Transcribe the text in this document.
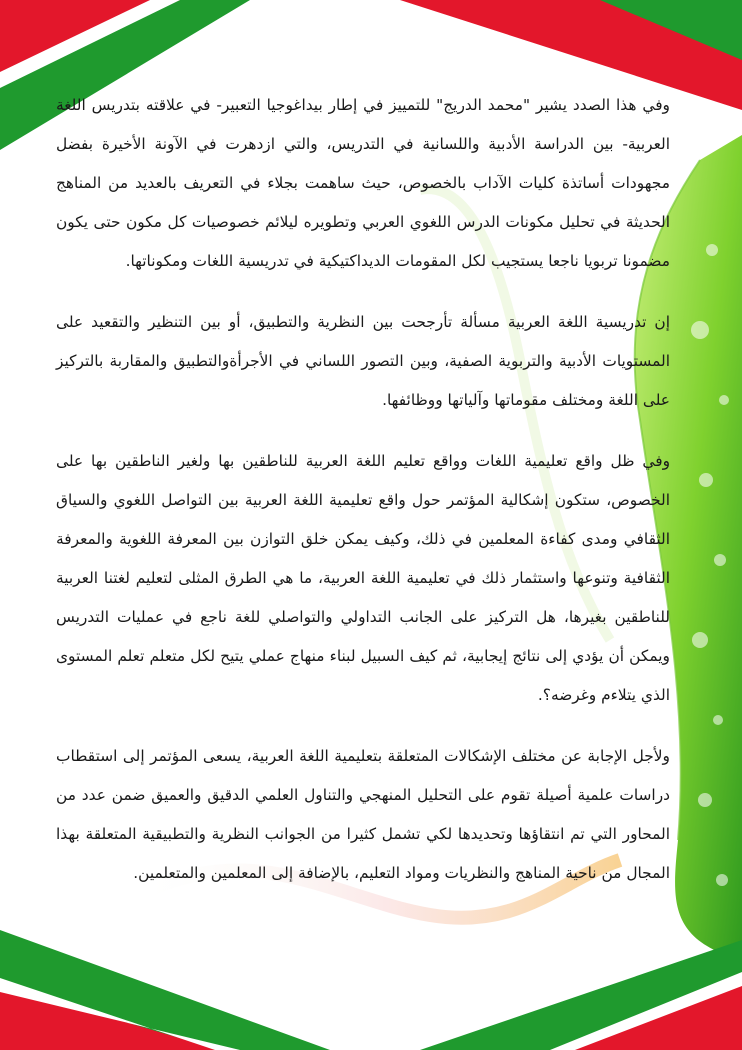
وفي هذا الصدد يشير "محمد الدريج" للتمييز في إطار بيداغوجيا التعبير- في علاقته بتدريس اللغة العربية- بين الدراسة الأدبية واللسانية في التدريس، والتي ازدهرت في الآونة الأخيرة بفضل مجهودات أساتذة كليات الآداب بالخصوص، حيث ساهمت بجلاء في التعريف بالعديد من المناهج الحديثة في تحليل مكونات الدرس اللغوي العربي وتطويره ليلائم خصوصيات كل مكون حتى يكون مضمونا تربويا ناجعا يستجيب لكل المقومات الديداكتيكية في تدريسية اللغات ومكوناتها.

إن تدريسية اللغة العربية مسألة تأرجحت بين النظرية والتطبيق، أو بين التنظير والتقعيد على المستويات الأدبية والتربوية الصفية، وبين التصور اللساني في الأجرأةوالتطبيق والمقاربة بالتركيز على اللغة ومختلف مقوماتها وآلياتها ووظائفها.

وفي ظل واقع تعليمية اللغات وواقع تعليم اللغة العربية للناطقين بها ولغير الناطقين بها على الخصوص، ستكون إشكالية المؤتمر حول واقع تعليمية اللغة العربية بين التواصل اللغوي والسياق الثقافي ومدى كفاءة المعلمين في ذلك، وكيف يمكن خلق التوازن بين المعرفة اللغوية والمعرفة الثقافية وتنوعها واستثمار ذلك في تعليمية اللغة العربية، ما هي الطرق المثلى لتعليم لغتنا العربية للناطقين بغيرها، هل التركيز على الجانب التداولي والتواصلي للغة ناجع في عمليات التدريس ويمكن أن يؤدي إلى نتائج إيجابية، ثم كيف السبيل لبناء منهاج عملي يتيح لكل متعلم تعلم المستوى الذي يتلاءم وغرضه؟.

ولأجل الإجابة عن مختلف الإشكالات المتعلقة بتعليمية اللغة العربية، يسعى المؤتمر إلى استقطاب دراسات علمية أصيلة تقوم على التحليل المنهجي والتناول العلمي الدقيق والعميق ضمن عدد من المحاور التي تم انتقاؤها وتحديدها لكي تشمل كثيرا من الجوانب النظرية والتطبيقية المتعلقة بهذا المجال من ناحية المناهج والنظريات ومواد التعليم، بالإضافة إلى المعلمين والمتعلمين.
